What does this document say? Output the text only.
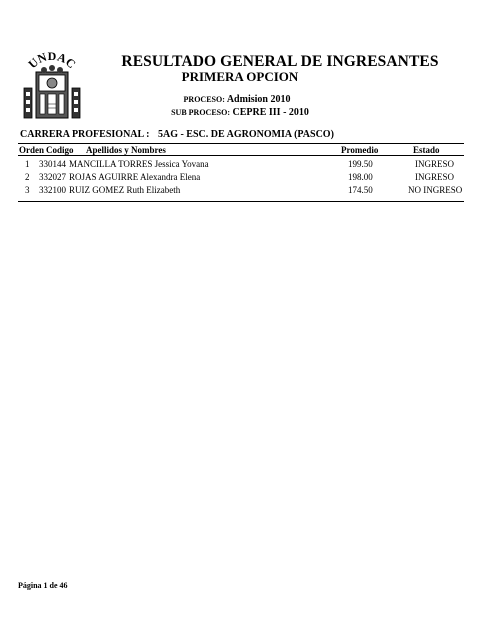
UNDAC	RESULTADO GENERAL DE INGRESANTES
PRIMERA OPCION
PROCESO: Admision 2010
SUB PROCESO: CEPRE III - 2010
CARRERA PROFESIONAL : 5AG - ESC. DE AGRONOMIA (PASCO)
Orden Codigo Apellidos y Nombres	Promedio	Estado
1 330144 MANCILLA TORRES Jessica Yovana	199.50	INGRESO
2 332027 ROJAS AGUIRRE Alexandra Elena	198.00	INGRESO
3 332100 RUIZ GOMEZ Ruth Elizabeth	174.50	NO INGRESO
Página 1 de 46
